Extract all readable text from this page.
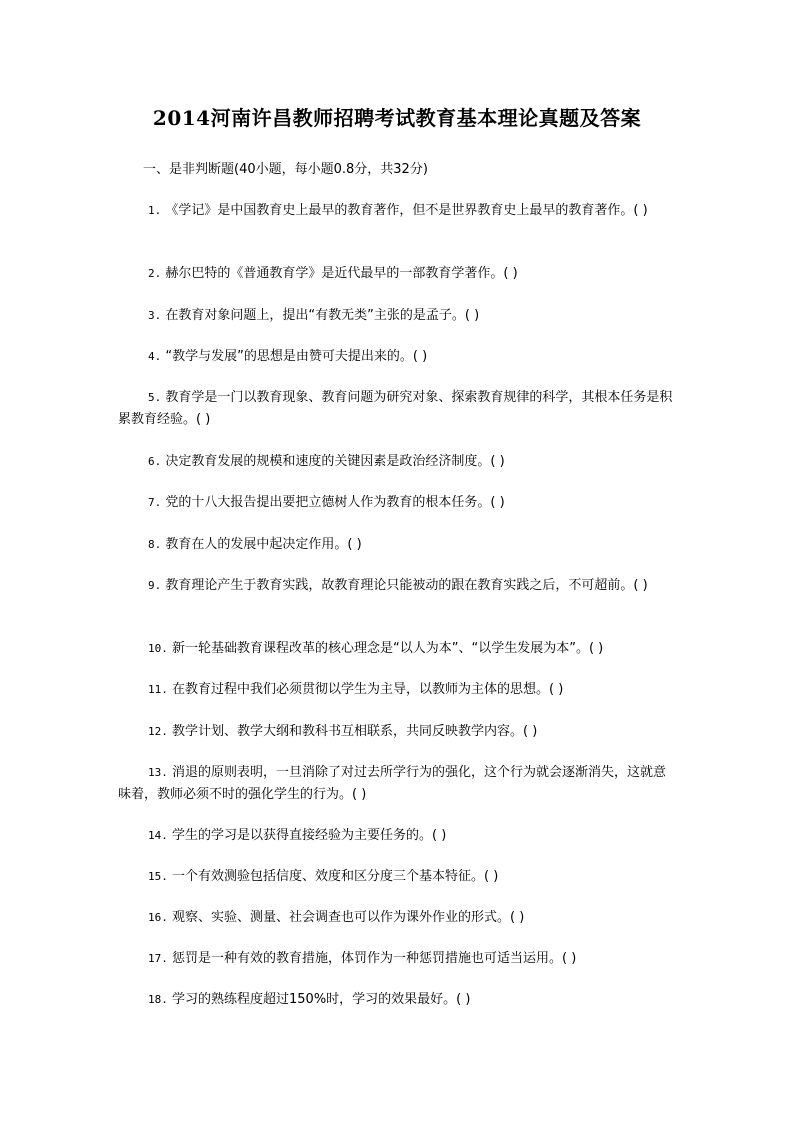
2014河南许昌教师招聘考试教育基本理论真题及答案
一、是非判断题(40小题，每小题0.8分，共32分)
1. 《学记》是中国教育史上最早的教育著作，但不是世界教育史上最早的教育著作。( )
2. 赫尔巴特的《普通教育学》是近代最早的一部教育学著作。( )
3. 在教育对象问题上，提出“有教无类”主张的是孟子。( )
4. “教学与发展”的思想是由赞可夫提出来的。( )
5. 教育学是一门以教育现象、教育问题为研究对象、探索教育规律的科学，其根本任务是积累教育经验。( )
6. 决定教育发展的规模和速度的关键因素是政治经济制度。( )
7. 党的十八大报告提出要把立德树人作为教育的根本任务。( )
8. 教育在人的发展中起决定作用。( )
9. 教育理论产生于教育实践，故教育理论只能被动的跟在教育实践之后，不可超前。( )
10. 新一轮基础教育课程改革的核心理念是“以人为本”、“以学生发展为本”。( )
11. 在教育过程中我们必须贯彻以学生为主导，以教师为主体的思想。( )
12. 教学计划、教学大纲和教科书互相联系，共同反映教学内容。( )
13. 消退的原则表明，一旦消除了对过去所学行为的强化，这个行为就会逐渐消失，这就意味着，教师必须不时的强化学生的行为。( )
14. 学生的学习是以获得直接经验为主要任务的。( )
15. 一个有效测验包括信度、效度和区分度三个基本特征。( )
16. 观察、实验、测量、社会调查也可以作为课外作业的形式。( )
17. 惩罚是一种有效的教育措施，体罚作为一种惩罚措施也可适当运用。( )
18. 学习的熟练程度超过150%时，学习的效果最好。( )
